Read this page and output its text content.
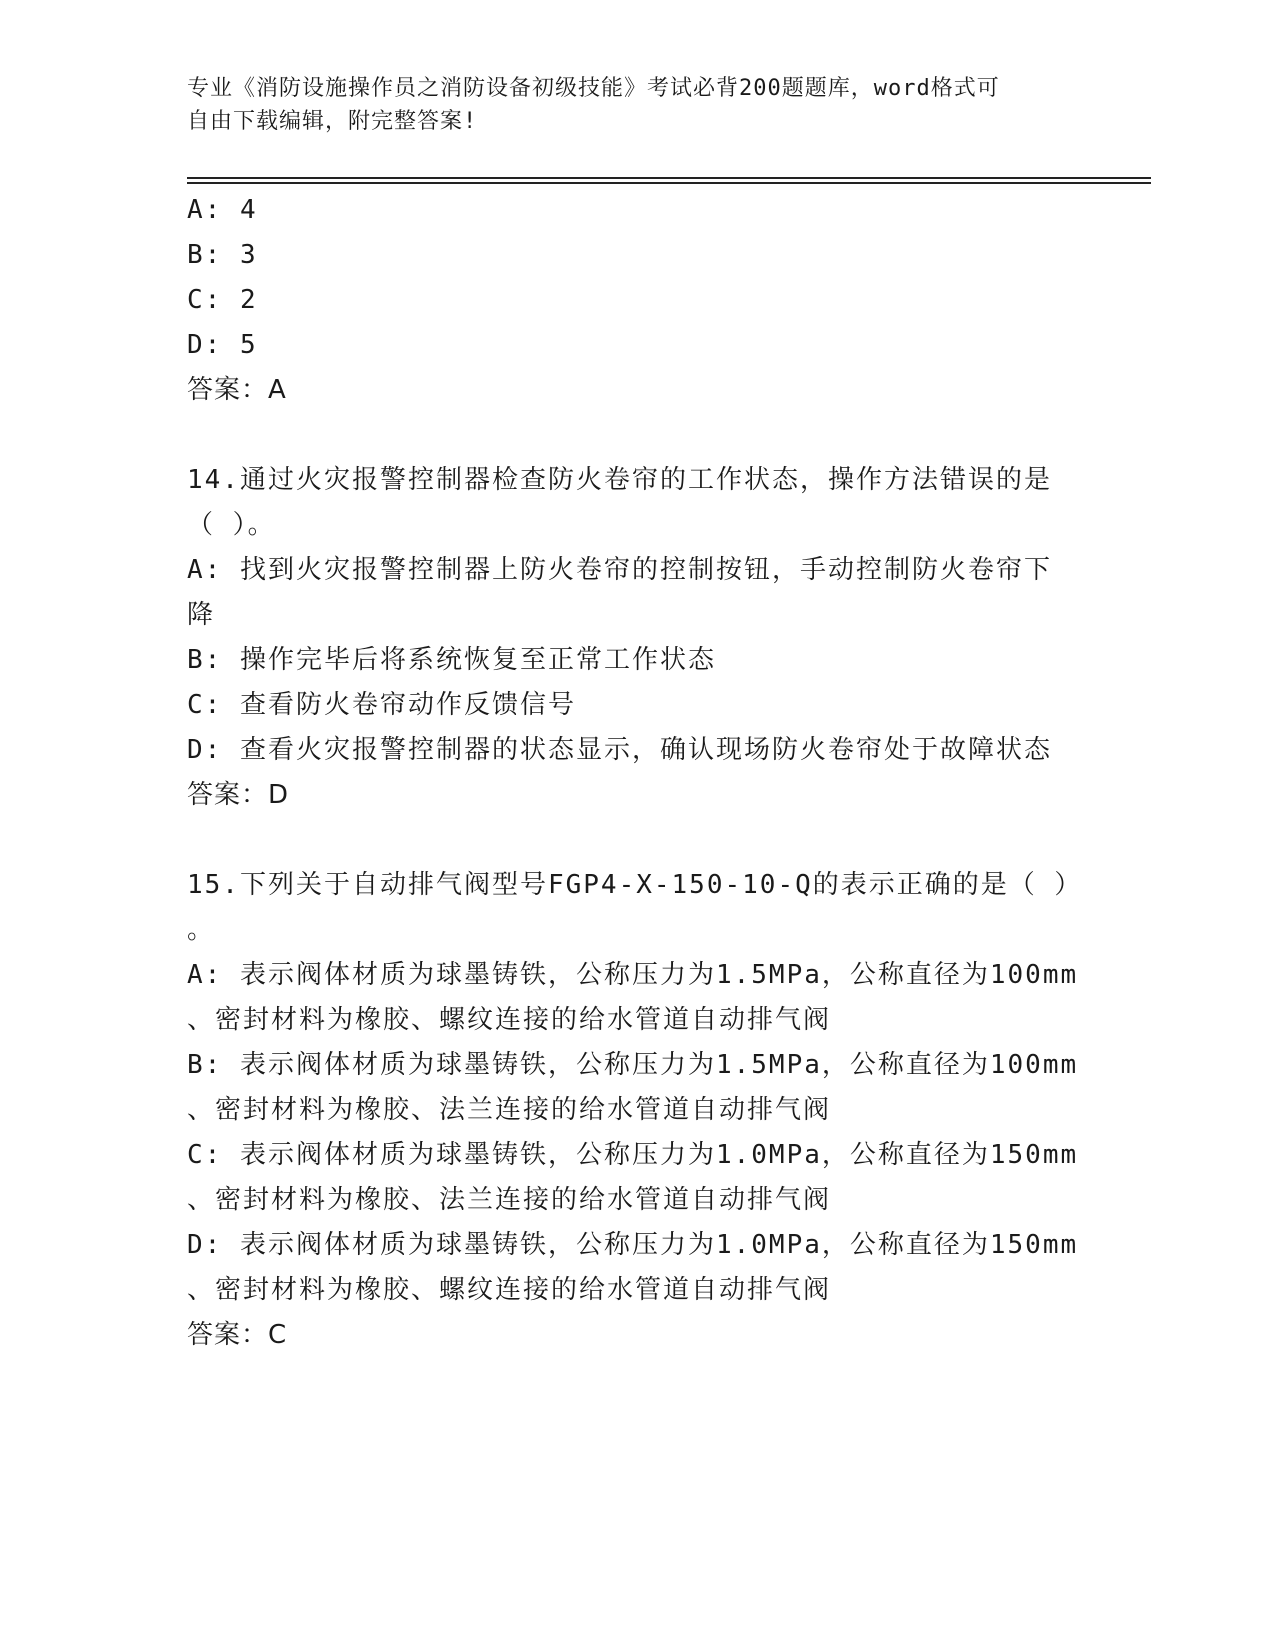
专业《消防设施操作员之消防设备初级技能》考试必背200题题库，word格式可
自由下载编辑，附完整答案!
A: 4
B: 3
C: 2
D: 5
答案：A
14.通过火灾报警控制器检查防火卷帘的工作状态，操作方法错误的是
（ ）。
A: 找到火灾报警控制器上防火卷帘的控制按钮，手动控制防火卷帘下
降
B: 操作完毕后将系统恢复至正常工作状态
C: 查看防火卷帘动作反馈信号
D: 查看火灾报警控制器的状态显示，确认现场防火卷帘处于故障状态
答案：D
15.下列关于自动排气阀型号FGP4-X-150-10-Q的表示正确的是（ ）
。
A: 表示阀体材质为球墨铸铁，公称压力为1.5MPa，公称直径为100mm
、密封材料为橡胶、螺纹连接的给水管道自动排气阀
B: 表示阀体材质为球墨铸铁，公称压力为1.5MPa，公称直径为100mm
、密封材料为橡胶、法兰连接的给水管道自动排气阀
C: 表示阀体材质为球墨铸铁，公称压力为1.0MPa，公称直径为150mm
、密封材料为橡胶、法兰连接的给水管道自动排气阀
D: 表示阀体材质为球墨铸铁，公称压力为1.0MPa，公称直径为150mm
、密封材料为橡胶、螺纹连接的给水管道自动排气阀
答案：C
